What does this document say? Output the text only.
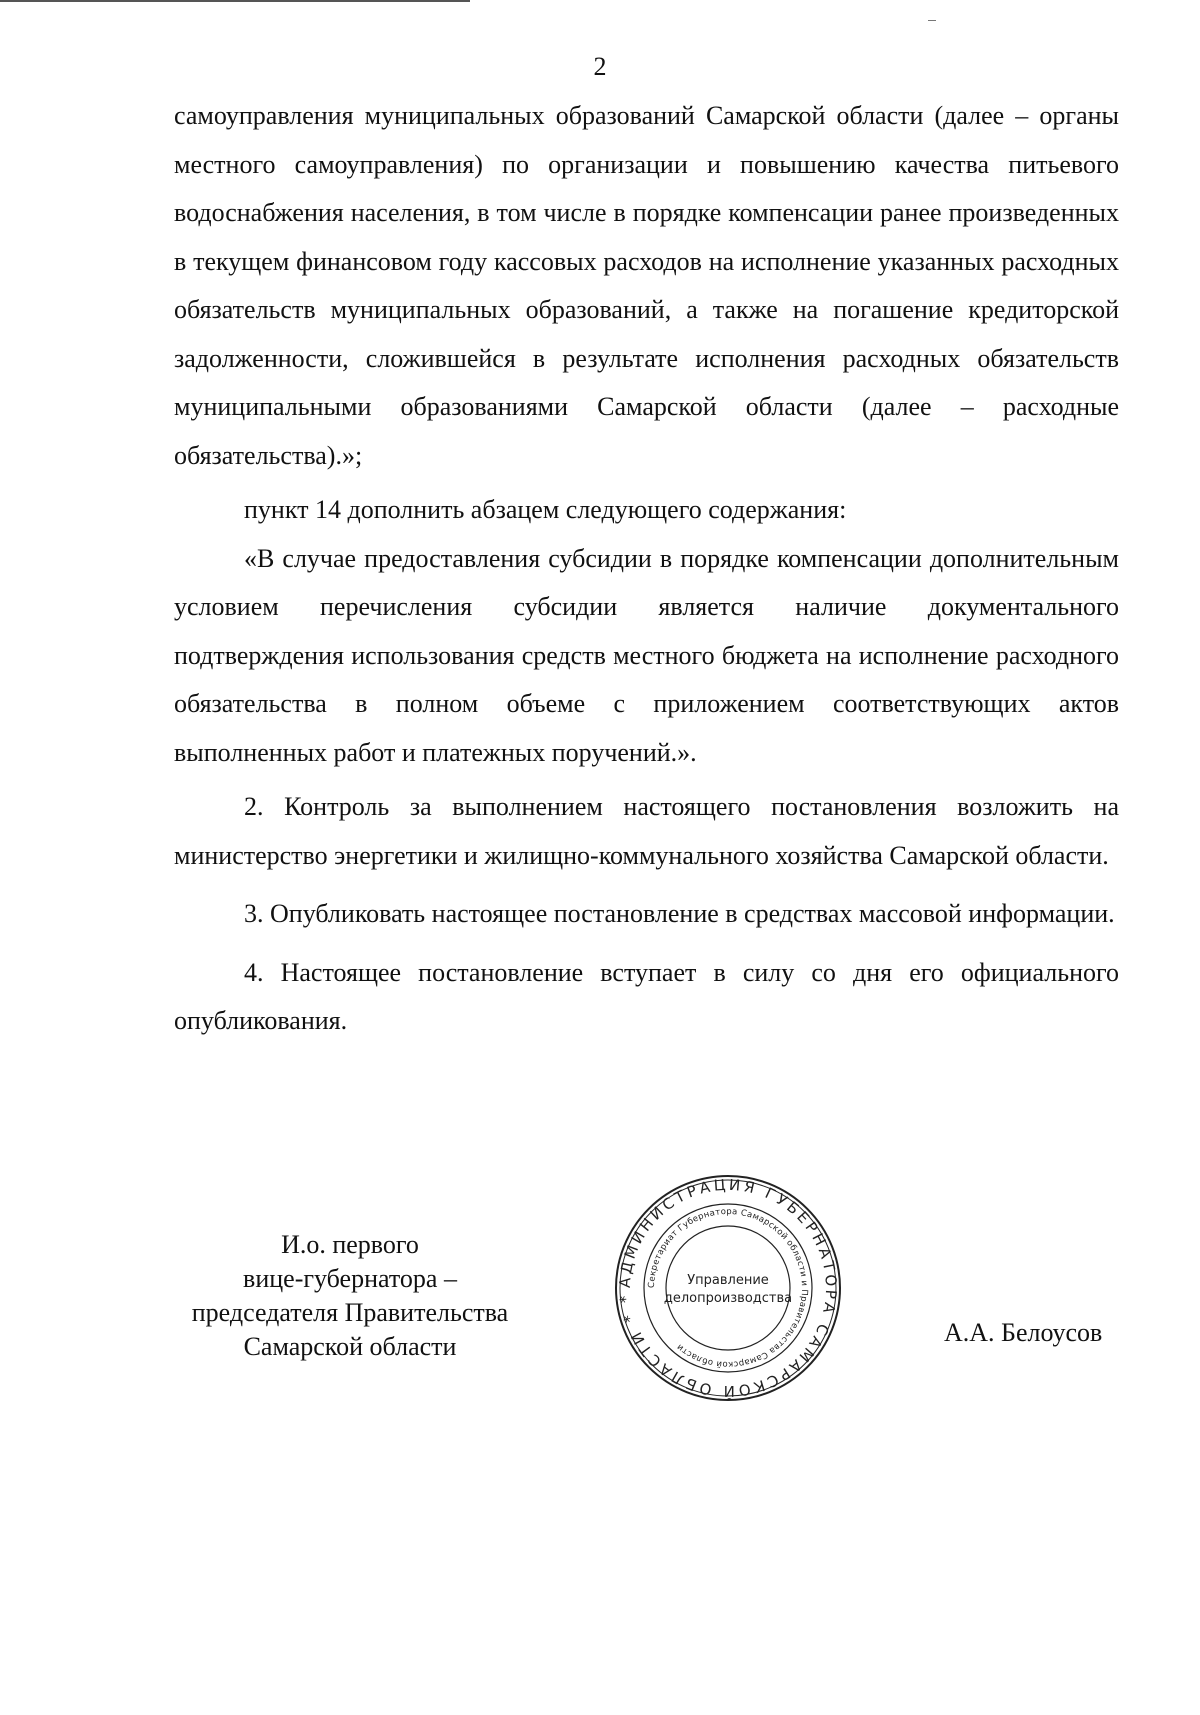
2

самоуправления муниципальных образований Самарской области (далее – органы местного самоуправления) по организации и повышению качества питьевого водоснабжения населения, в том числе в порядке компенсации ранее произведенных в текущем финансовом году кассовых расходов на исполнение указанных расходных обязательств муниципальных образований, а также на погашение кредиторской задолженности, сложившейся в результате исполнения расходных обязательств муниципальными образованиями Самарской области (далее – расходные обязательства).»;

пункт 14 дополнить абзацем следующего содержания:

«В случае предоставления субсидии в порядке компенсации дополнительным условием перечисления субсидии является наличие документального подтверждения использования средств местного бюджета на исполнение расходного обязательства в полном объеме с приложением соответствующих актов выполненных работ и платежных поручений.».

2. Контроль за выполнением настоящего постановления возложить на министерство энергетики и жилищно-коммунального хозяйства Самарской области.

3. Опубликовать настоящее постановление в средствах массовой информации.

4. Настоящее постановление вступает в силу со дня его официального опубликования.

И.о. первого
вице-губернатора –
председателя Правительства
Самарской области
АДМИНИСТРАЦИЯ ГУБЕРНАТОРА САМАРСКОЙ ОБЛАСТИ * *
Секретариат Губернатора Самарской области и Правительства Самарской области
Управление
делопроизводства
А.А. Белоусов
